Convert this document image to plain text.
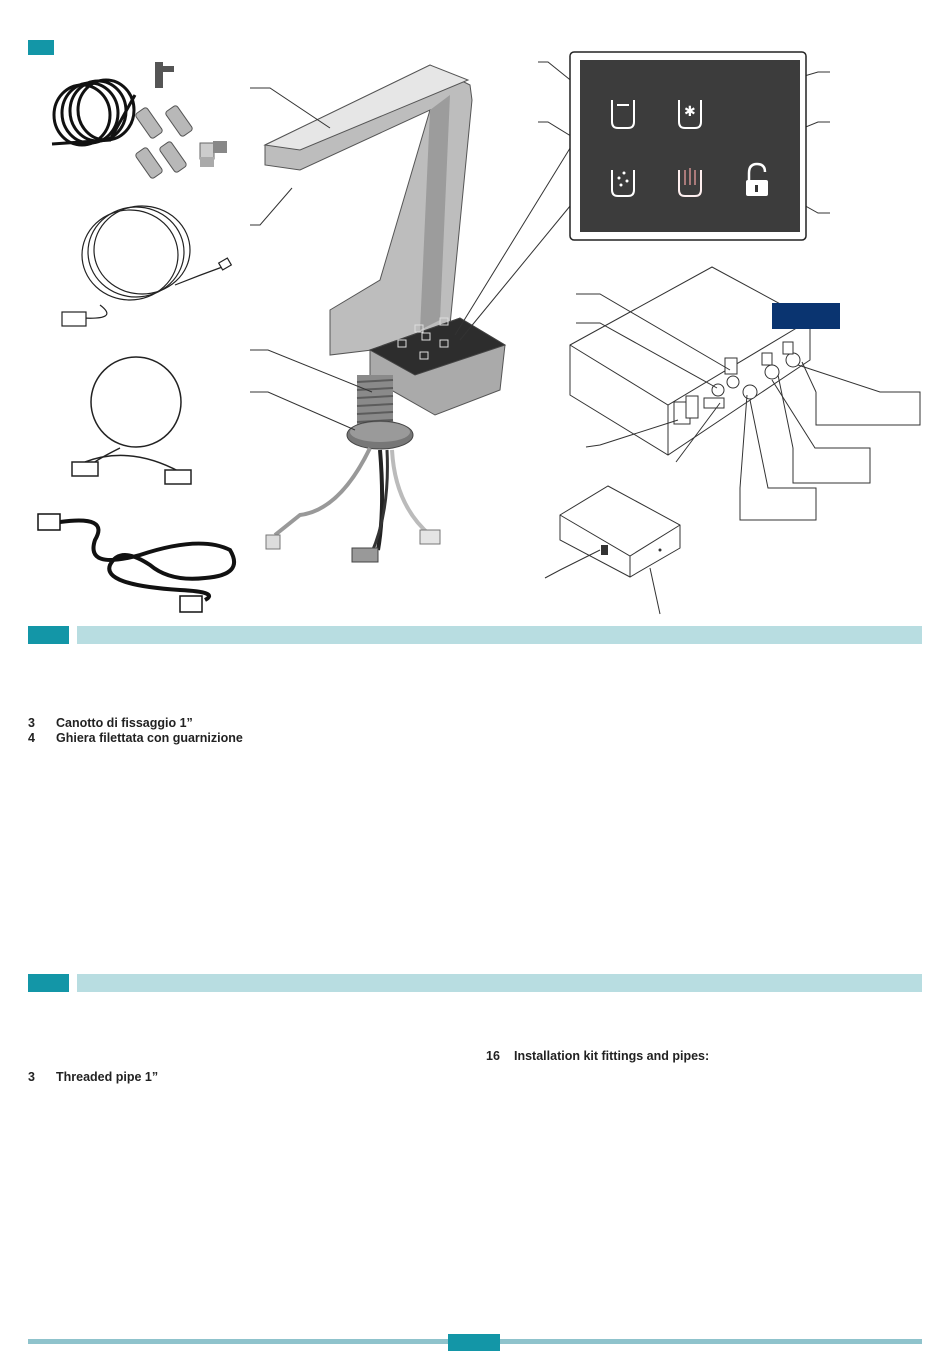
✱
3	Canotto di fissaggio 1”
4	Ghiera filettata con guarnizione
3	Threaded pipe 1”
16	Installation kit fittings and pipes:
